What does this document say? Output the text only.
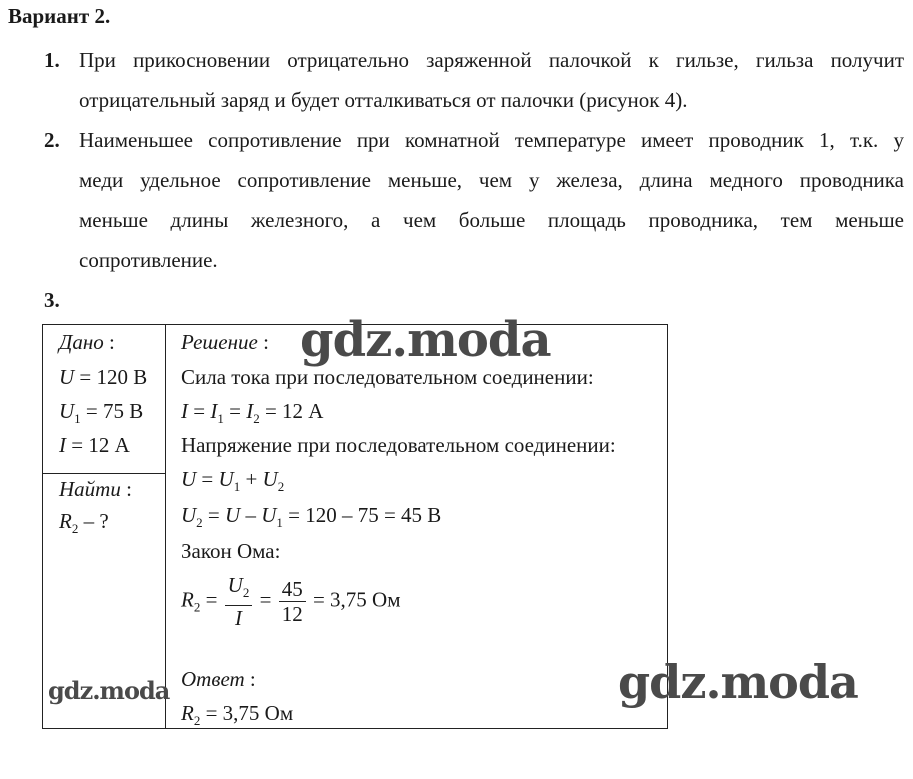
Вариант 2.
1. При прикосновении отрицательно заряженной палочкой к гильзе, гильза получит
отрицательный заряд и будет отталкиваться от палочки (рисунок 4).
2. Наименьшее сопротивление при комнатной температуре имеет проводник 1, т.к. у
меди удельное сопротивление меньше, чем у железа, длина медного проводника
меньше длины железного, а чем больше площадь проводника, тем меньше
сопротивление.
3.
Дано :
U = 120 В
$U_1 = 75$ В
I = 12 А
Найти :
$R_2$ – ?
Решение :
Сила тока при последовательном соединении:
$I = I_1 = I_2 = 12$ А
Напряжение при последовательном соединении:
$U = U_1 + U_2$
$U_2 = U - U_1 = 120 - 75 = 45$ В
Закон Ома:
$R_2 = \frac{U_2}{I} = \frac{45}{12} = 3,75$ Ом
Ответ :
$R_2 = 3,75$ Ом
gdz.moda
gdz.moda
gdz.moda
